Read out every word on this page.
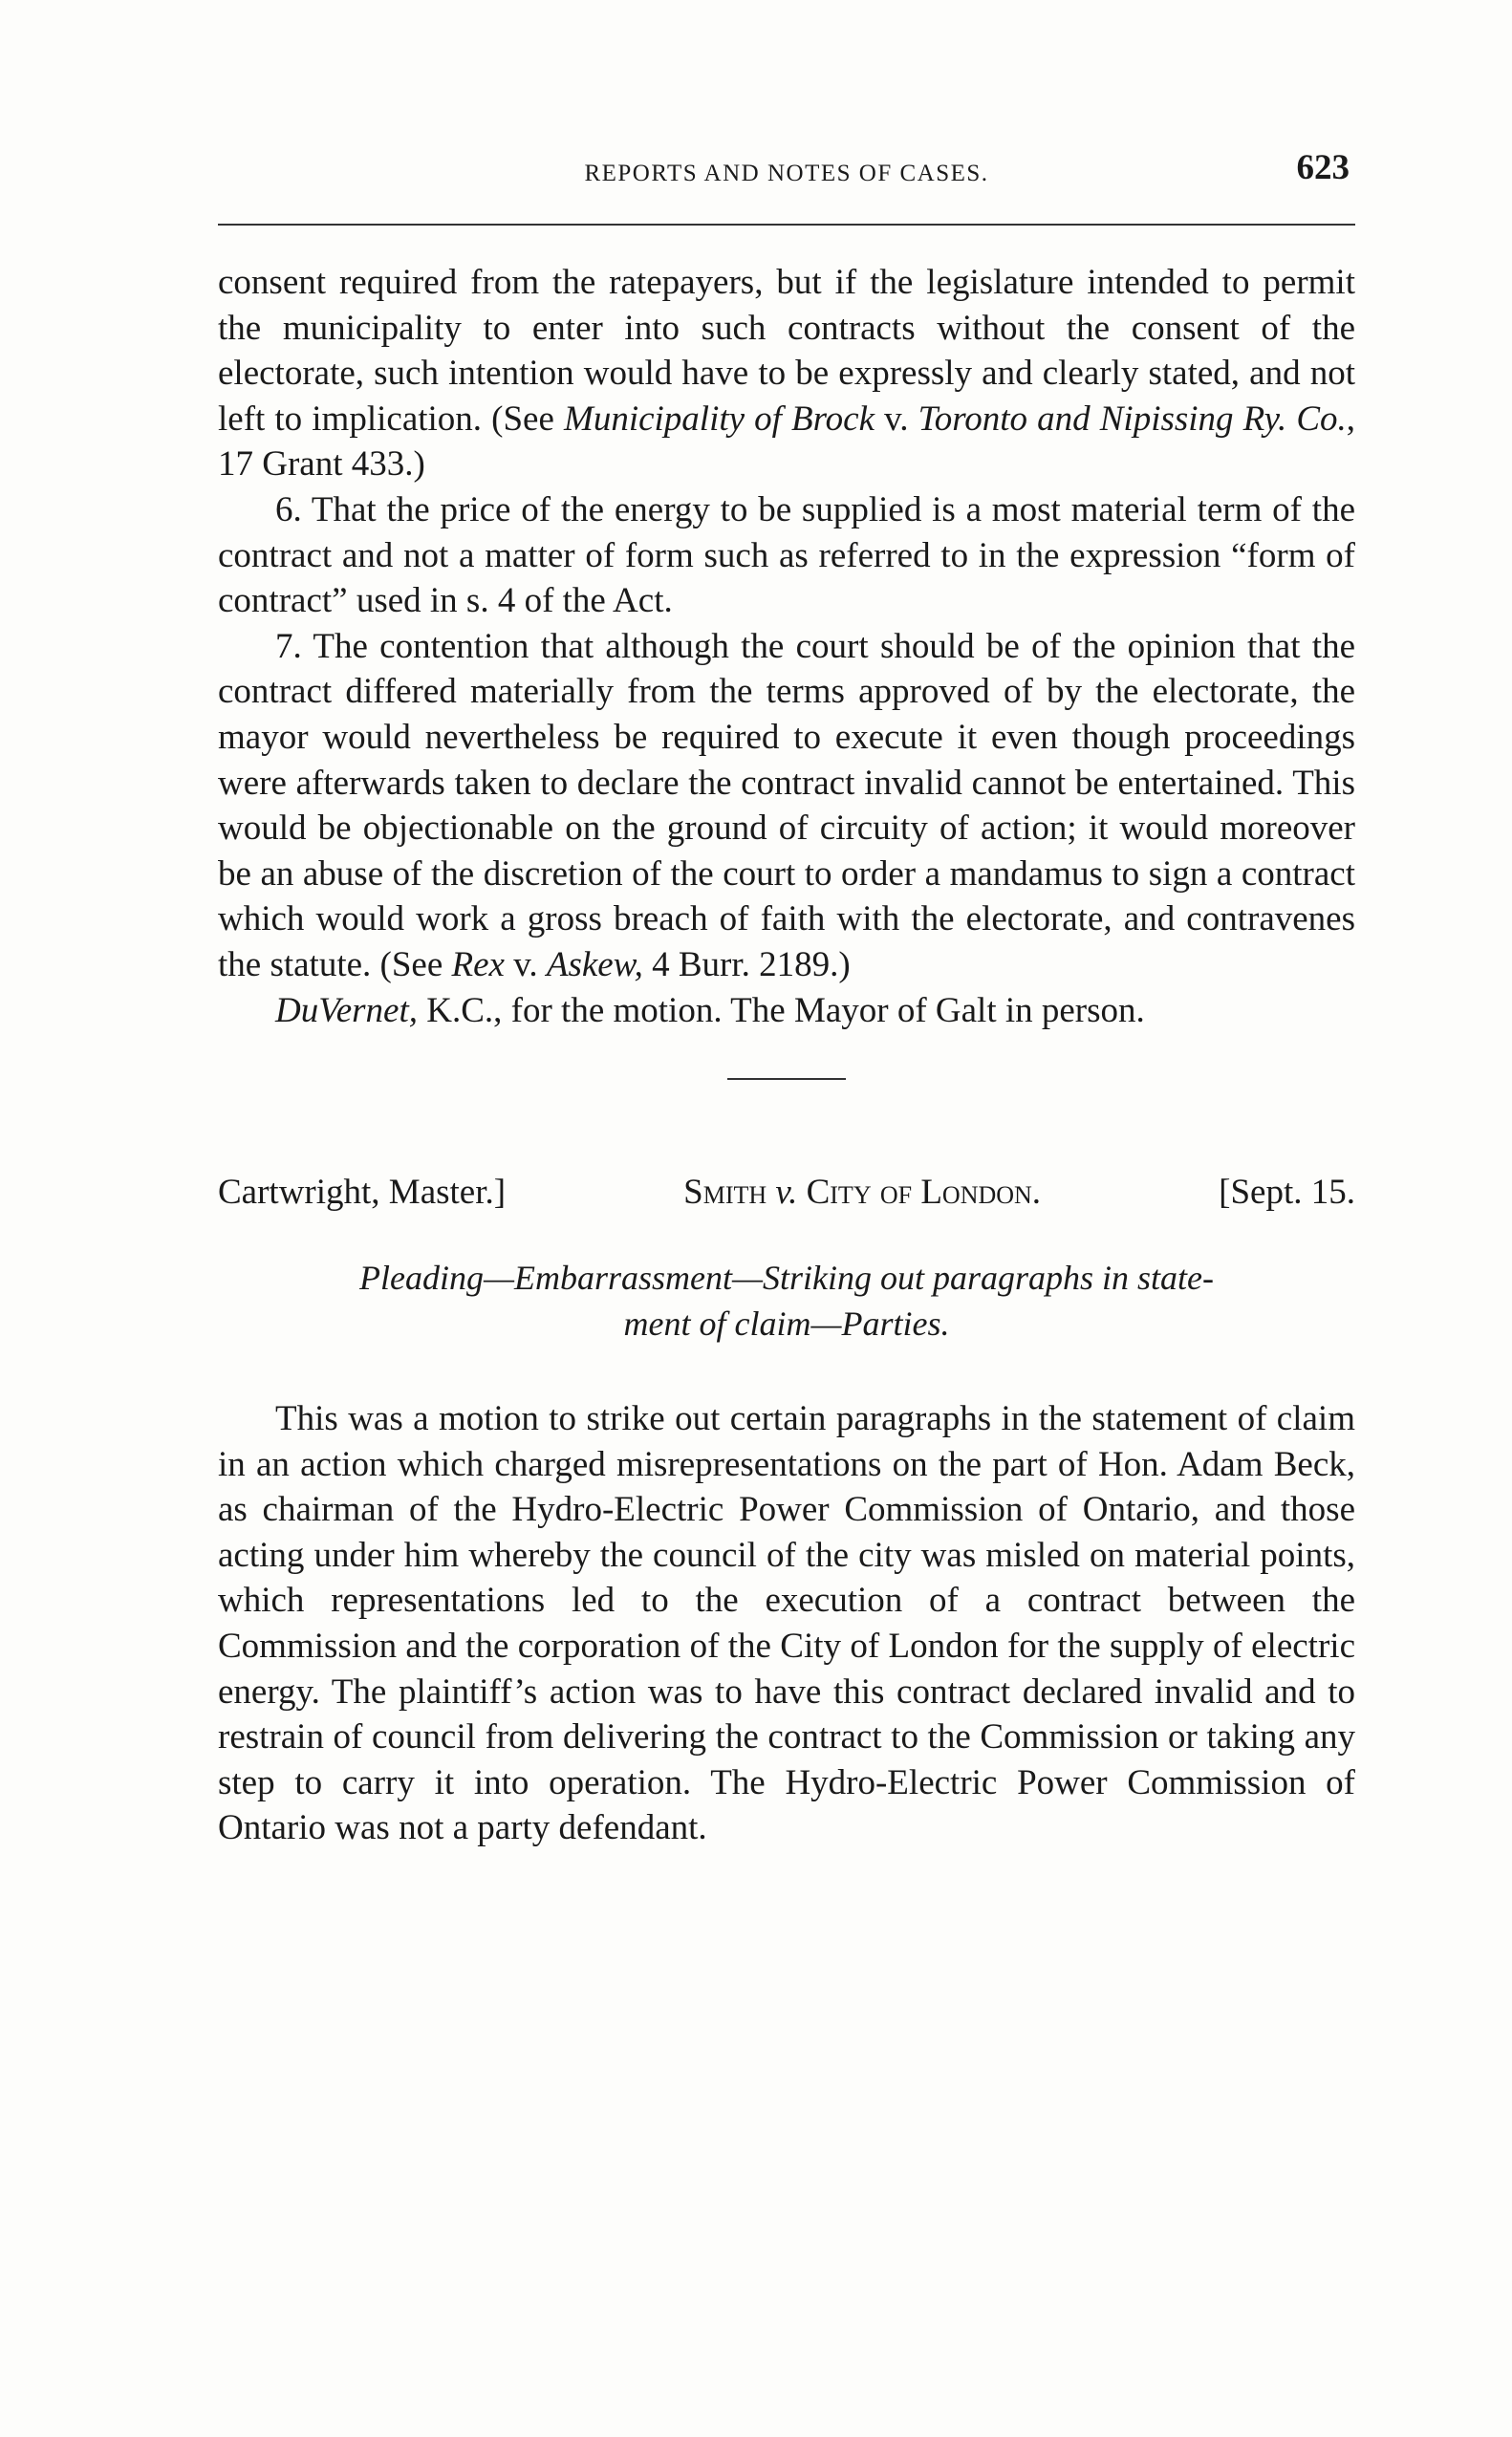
REPORTS AND NOTES OF CASES.	623

consent required from the ratepayers, but if the legislature intended to permit the municipality to enter into such contracts without the consent of the electorate, such intention would have to be expressly and clearly stated, and not left to implication. (See Municipality of Brock v. Toronto and Nipissing Ry. Co., 17 Grant 433.)

6. That the price of the energy to be supplied is a most material term of the contract and not a matter of form such as referred to in the expression “form of contract” used in s. 4 of the Act.

7. The contention that although the court should be of the opinion that the contract differed materially from the terms approved of by the electorate, the mayor would nevertheless be required to execute it even though proceedings were afterwards taken to declare the contract invalid cannot be entertained. This would be objectionable on the ground of circuity of action; it would moreover be an abuse of the discretion of the court to order a mandamus to sign a contract which would work a gross breach of faith with the electorate, and contravenes the statute. (See Rex v. Askew, 4 Burr. 2189.)

DuVernet, K.C., for the motion. The Mayor of Galt in person.

Cartwright, Master.]	Smith v. City of London.	[Sept. 15.
Pleading—Embarrassment—Striking out paragraphs in state-
ment of claim—Parties.

This was a motion to strike out certain paragraphs in the statement of claim in an action which charged misrepresentations on the part of Hon. Adam Beck, as chairman of the Hydro-Electric Power Commission of Ontario, and those acting under him whereby the council of the city was misled on material points, which representations led to the execution of a contract between the Commission and the corporation of the City of London for the supply of electric energy. The plaintiff’s action was to have this contract declared invalid and to restrain of council from delivering the contract to the Commission or taking any step to carry it into operation. The Hydro-Electric Power Commission of Ontario was not a party defendant.
